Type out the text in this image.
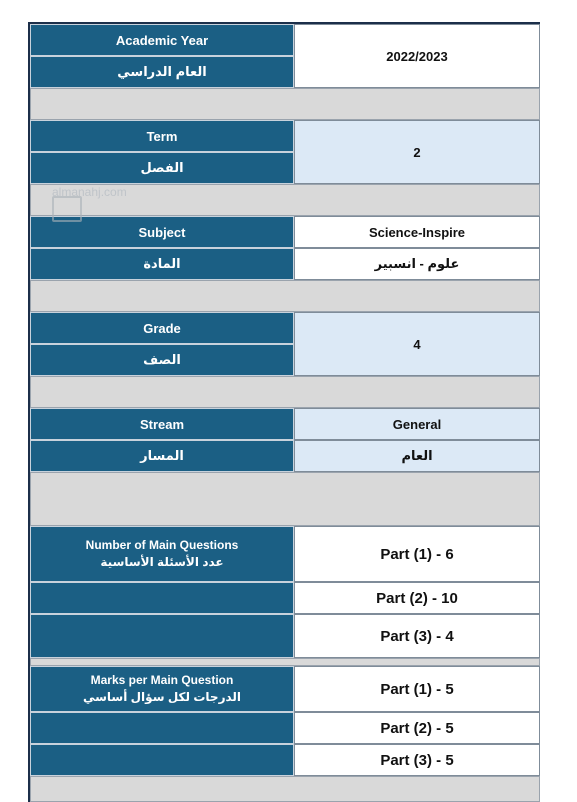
Academic Year
العام الدراسي
2022/2023
Term
الفصل
2
Subject
المادة
Science-Inspire
علوم - انسبير
Grade
الصف
4
Stream
المسار
General
العام
Number of Main Questions
عدد الأسئلة الأساسية	Part (1) - 6
Part (2) - 10
Part (3) - 4
Marks per Main Question
الدرجات لكل سؤال أساسي	Part (1) - 5
Part (2) - 5
Part (3) - 5
almanahj.com
